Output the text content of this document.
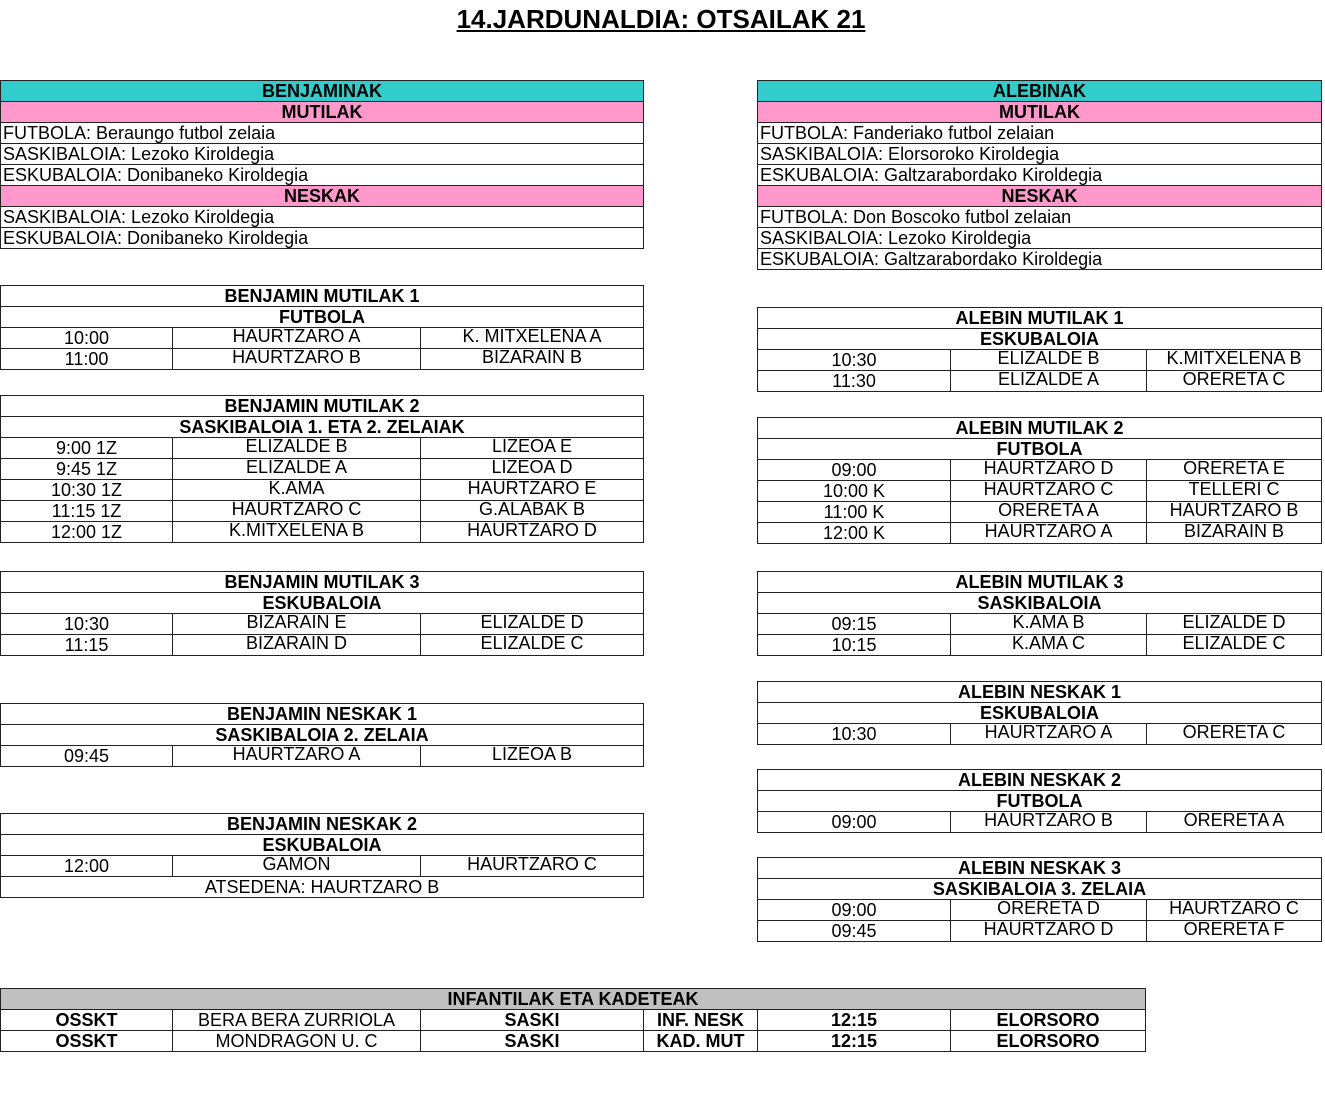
14.JARDUNALDIA: OTSAILAK 21
BENJAMINAK
MUTILAK
FUTBOLA: Beraungo futbol zelaia
SASKIBALOIA: Lezoko Kiroldegia
ESKUBALOIA: Donibaneko Kiroldegia
NESKAK
SASKIBALOIA: Lezoko Kiroldegia
ESKUBALOIA: Donibaneko Kiroldegia
ALEBINAK
MUTILAK
FUTBOLA: Fanderiako futbol zelaian
SASKIBALOIA: Elorsoroko Kiroldegia
ESKUBALOIA: Galtzarabordako Kiroldegia
NESKAK
FUTBOLA: Don Boscoko futbol zelaian
SASKIBALOIA: Lezoko Kiroldegia
ESKUBALOIA: Galtzarabordako Kiroldegia
BENJAMIN MUTILAK 1		
FUTBOLA		
10:00	HAURTZARO A	K. MITXELENA A
11:00	HAURTZARO B	BIZARAIN B
BENJAMIN MUTILAK 2		
SASKIBALOIA 1. ETA 2. ZELAIAK		
9:00 1Z	ELIZALDE B	LIZEOA E
9:45 1Z	ELIZALDE A	LIZEOA D
10:30 1Z	K.AMA	HAURTZARO E
11:15 1Z	HAURTZARO C	G.ALABAK B
12:00 1Z	K.MITXELENA B	HAURTZARO D
BENJAMIN MUTILAK 3		
ESKUBALOIA		
10:30	BIZARAIN E	ELIZALDE D
11:15	BIZARAIN D	ELIZALDE C
BENJAMIN NESKAK 1
SASKIBALOIA 2. ZELAIA
09:45	HAURTZARO A	LIZEOA B
BENJAMIN NESKAK 2
ESKUBALOIA
12:00	GAMON	HAURTZARO C
ATSEDENA: HAURTZARO B
ALEBIN MUTILAK 1		
ESKUBALOIA		
10:30	ELIZALDE B	K.MITXELENA B
11:30	ELIZALDE A	ORERETA C
ALEBIN MUTILAK 2		
FUTBOLA		
09:00	HAURTZARO D	ORERETA E
10:00 K	HAURTZARO C	TELLERI C
11:00 K	ORERETA A	HAURTZARO B
12:00 K	HAURTZARO A	BIZARAIN B
ALEBIN MUTILAK 3		
SASKIBALOIA		
09:15	K.AMA B	ELIZALDE D
10:15	K.AMA C	ELIZALDE C
ALEBIN NESKAK 1
ESKUBALOIA
10:30	HAURTZARO A	ORERETA C
ALEBIN NESKAK 2
FUTBOLA
09:00	HAURTZARO B	ORERETA A
ALEBIN NESKAK 3		
SASKIBALOIA 3. ZELAIA		
09:00	ORERETA D	HAURTZARO C
09:45	HAURTZARO D	ORERETA F
INFANTILAK ETA KADETEAK					
OSSKT	BERA BERA ZURRIOLA	SASKI	INF. NESK	12:15	ELORSORO
OSSKT	MONDRAGON U. C	SASKI	KAD. MUT	12:15	ELORSORO
